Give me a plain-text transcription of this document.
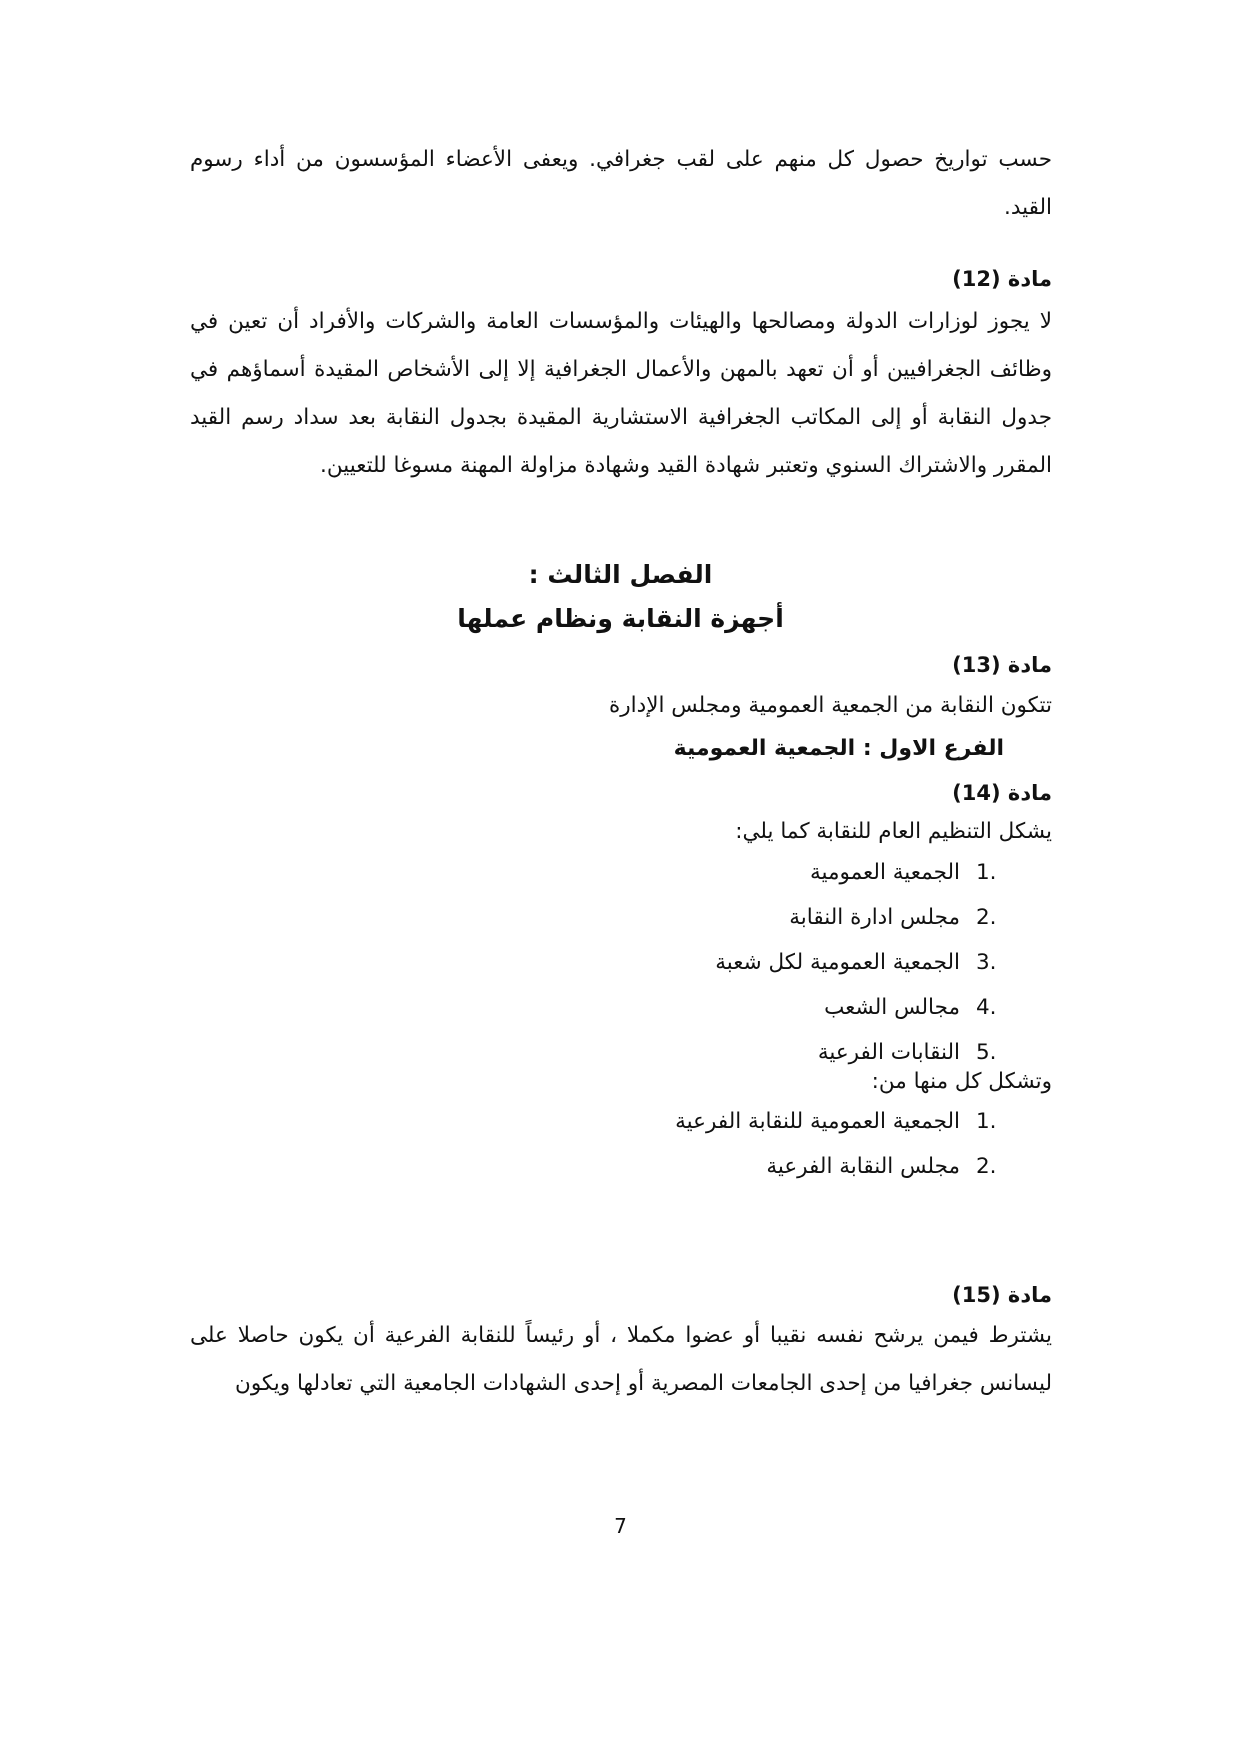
حسب تواريخ حصول كل منهم على لقب جغرافي. ويعفى الأعضاء المؤسسون من أداء رسوم القيد.
مادة (12)
لا يجوز لوزارات الدولة ومصالحها والهيئات والمؤسسات العامة والشركات والأفراد أن تعين في وظائف الجغرافيين أو أن تعهد بالمهن والأعمال الجغرافية إلا إلى الأشخاص المقيدة أسماؤهم في جدول النقابة أو إلى المكاتب الجغرافية الاستشارية المقيدة بجدول النقابة بعد سداد رسم القيد المقرر والاشتراك السنوي وتعتبر شهادة القيد وشهادة مزاولة المهنة مسوغا للتعيين.
الفصل الثالث :
أجهزة النقابة ونظام عملها
مادة (13)
تتكون النقابة من الجمعية العمومية ومجلس الإدارة
الفرع الاول : الجمعية العمومية
مادة (14)
يشكل التنظيم العام للنقابة كما يلي:
1.الجمعية العمومية
2.مجلس ادارة النقابة
3.الجمعية العمومية لكل شعبة
4.مجالس الشعب
5.النقابات الفرعية
وتشكل كل منها من:
1.الجمعية العمومية للنقابة الفرعية
2.مجلس النقابة الفرعية
مادة (15)
يشترط فيمن يرشح نفسه نقيبا أو عضوا مكملا ، أو رئيساً للنقابة الفرعية أن يكون حاصلا على ليسانس جغرافيا من إحدى الجامعات المصرية أو إحدى الشهادات الجامعية التي تعادلها ويكون
7
